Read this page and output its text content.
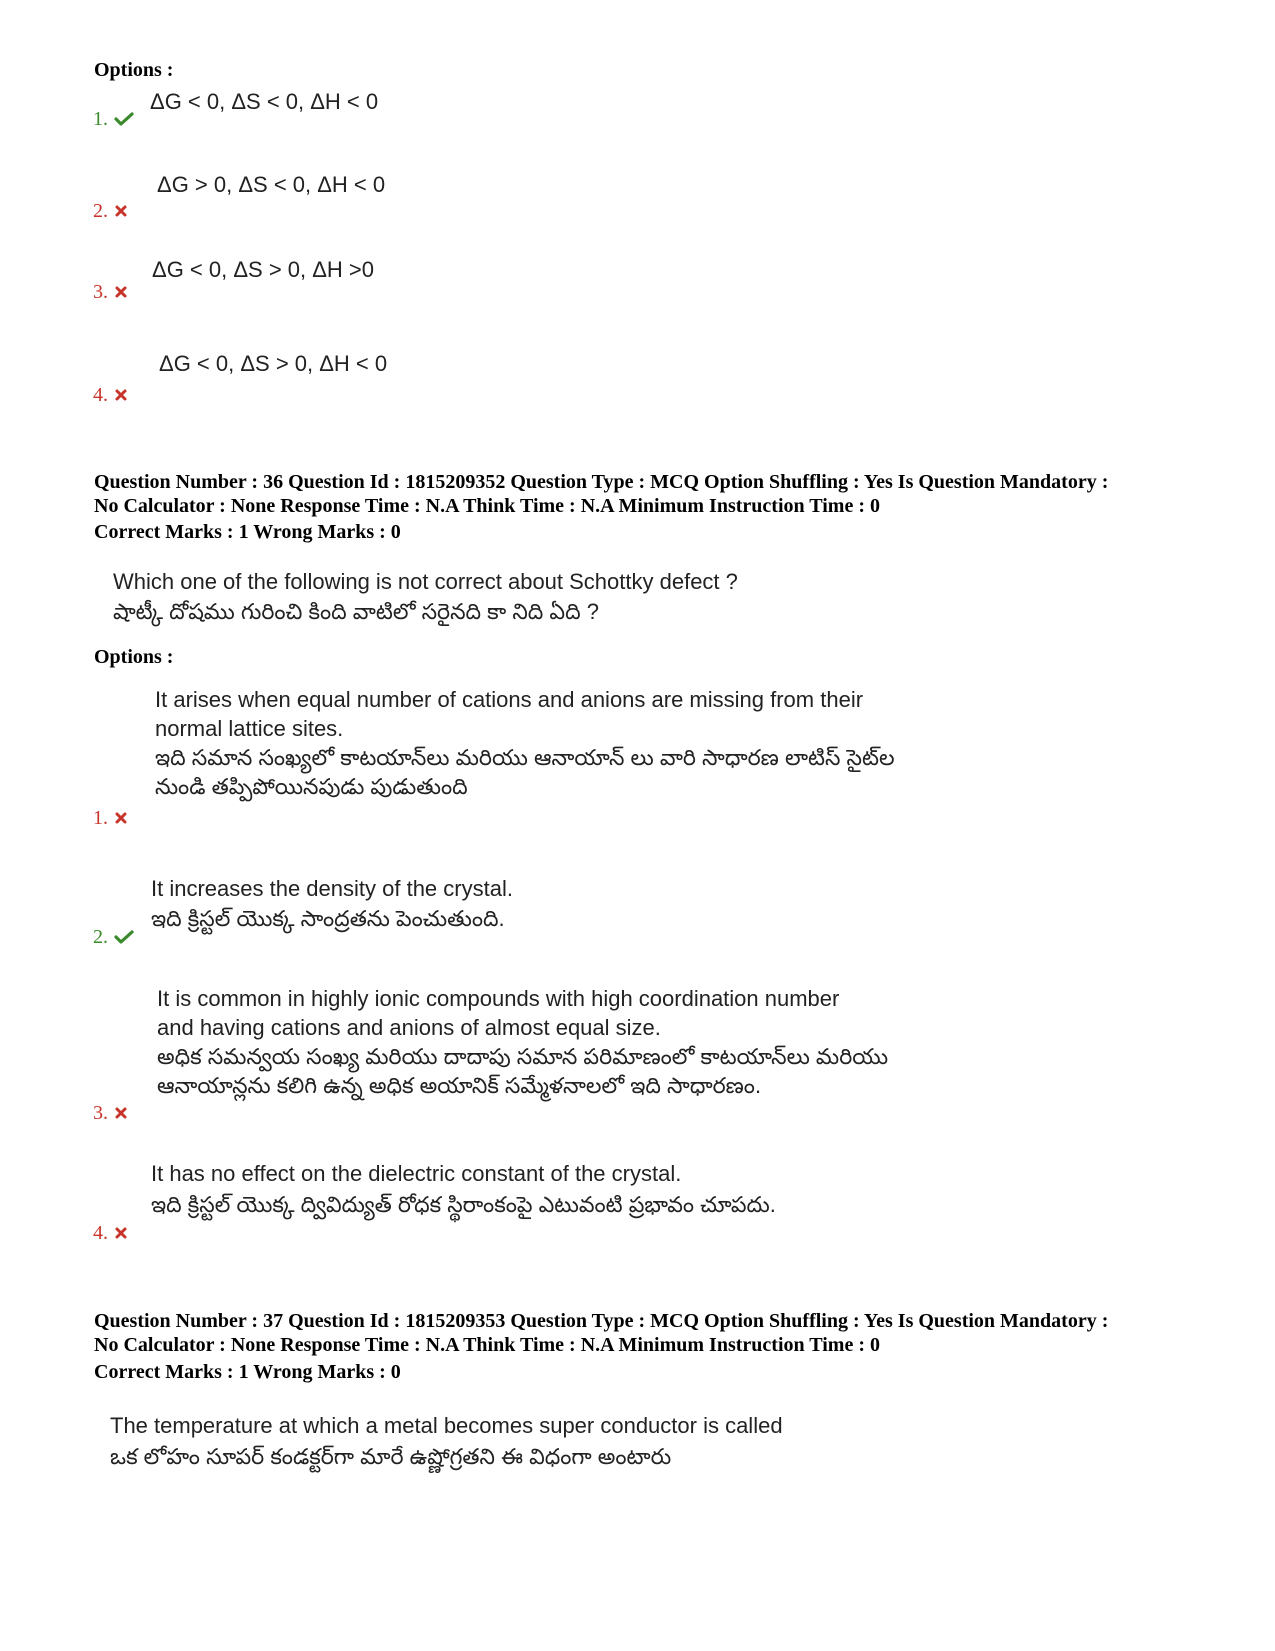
Options :

ΔG < 0, ΔS < 0, ΔH < 0

1.

ΔG > 0, ΔS < 0, ΔH < 0

2.

ΔG < 0, ΔS > 0, ΔH >0

3.

ΔG < 0, ΔS > 0, ΔH < 0

4.

Question Number : 36 Question Id : 1815209352 Question Type : MCQ Option Shuffling : Yes Is Question Mandatory :
No Calculator : None Response Time : N.A Think Time : N.A Minimum Instruction Time : 0

Correct Marks : 1 Wrong Marks : 0

Which one of the following is not correct about Schottky defect ?
షాట్కీ దోషము గురించి కింది వాటిలో సరైనది కా నిది ఏది ?

Options :

It arises when equal number of cations and anions are missing from their
normal lattice sites.
ఇది సమాన సంఖ్యలో కాటయాన్‌లు మరియు ఆనాయాన్ లు వారి సాధారణ లాటిస్ సైట్‌ల
నుండి తప్పిపోయినపుడు పుడుతుంది

1.

It increases the density of the crystal.
ఇది క్రిస్టల్ యొక్క సాంద్రతను పెంచుతుంది.

2.

It is common in highly ionic compounds with high coordination number
and having cations and anions of almost equal size.
అధిక సమన్వయ సంఖ్య మరియు దాదాపు సమాన పరిమాణంలో కాటయాన్‌లు మరియు
ఆనాయాన్లను కలిగి ఉన్న అధిక అయానిక్ సమ్మేళనాలలో ఇది సాధారణం.

3.

It has no effect on the dielectric constant of the crystal.
ఇది క్రిస్టల్ యొక్క ద్వివిద్యుత్ రోధక స్థిరాంకంపై ఎటువంటి ప్రభావం చూపదు.

4.

Question Number : 37 Question Id : 1815209353 Question Type : MCQ Option Shuffling : Yes Is Question Mandatory :
No Calculator : None Response Time : N.A Think Time : N.A Minimum Instruction Time : 0

Correct Marks : 1 Wrong Marks : 0

The temperature at which a metal becomes super conductor is called
ఒక లోహం సూపర్ కండక్టర్‌గా మారే ఉష్ణోగ్రతని ఈ విధంగా అంటారు
